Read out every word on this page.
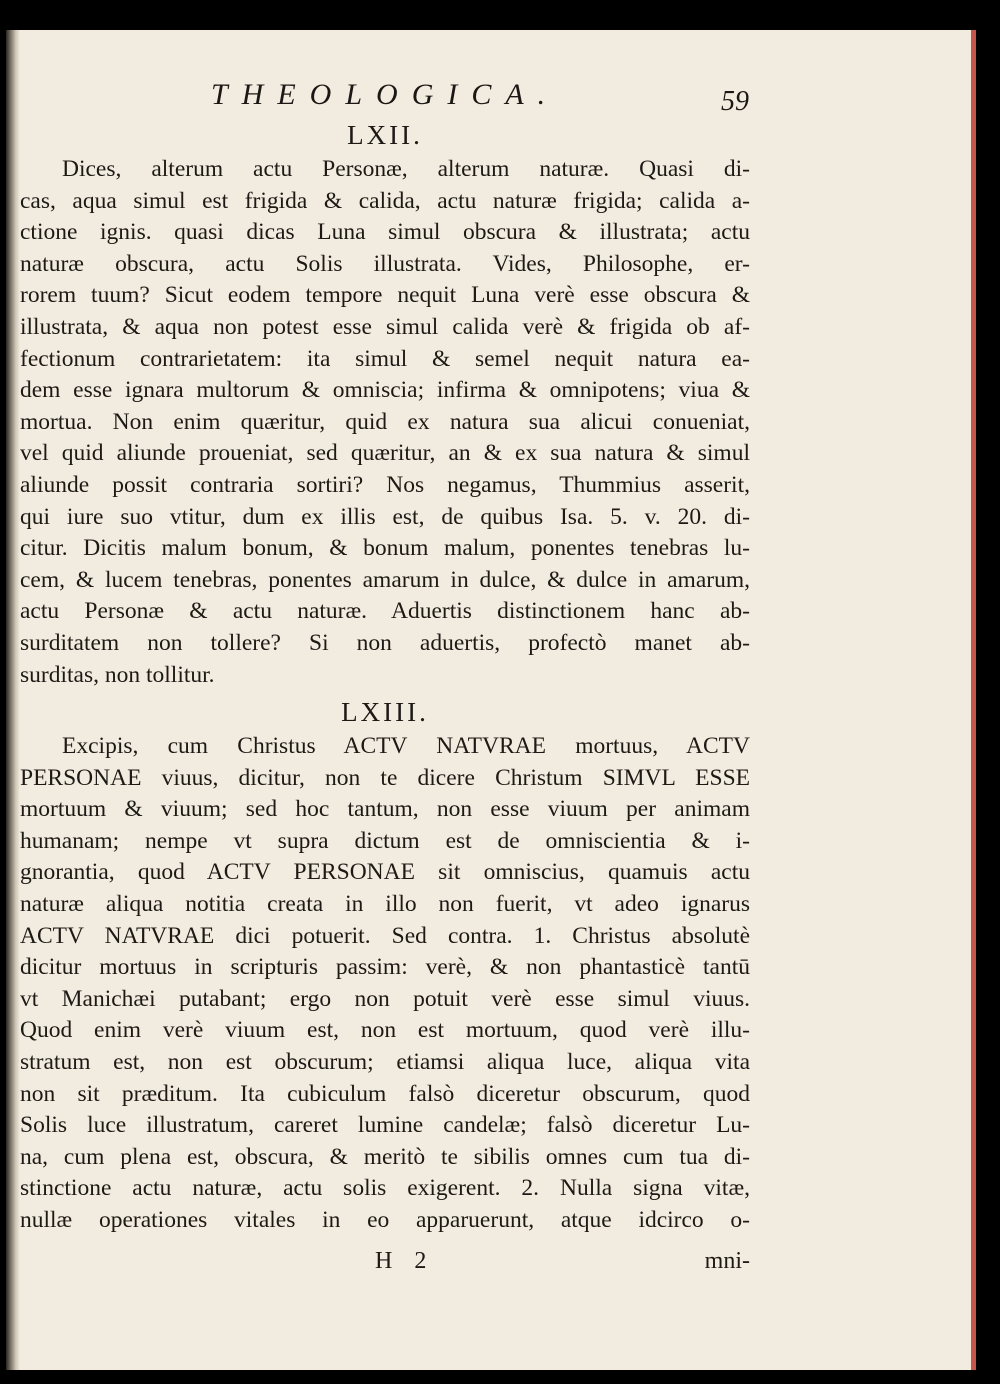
THEOLOGICA.	59
LXII.
Dices, alterum actu Personæ, alterum naturæ. Quasi di-
cas, aqua simul est frigida & calida, actu naturæ frigida; calida a-
ctione ignis. quasi dicas Luna simul obscura & illustrata; actu
naturæ obscura, actu Solis illustrata. Vides, Philosophe, er-
rorem tuum? Sicut eodem tempore nequit Luna verè esse obscura &
illustrata, & aqua non potest esse simul calida verè & frigida ob af-
fectionum contrarietatem: ita simul & semel nequit natura ea-
dem esse ignara multorum & omniscia; infirma & omnipotens; viua &
mortua. Non enim quæritur, quid ex natura sua alicui conueniat,
vel quid aliunde proueniat, sed quæritur, an & ex sua natura & simul
aliunde possit contraria sortiri? Nos negamus, Thummius asserit,
qui iure suo vtitur, dum ex illis est, de quibus Isa. 5. v. 20. di-
citur. Dicitis malum bonum, & bonum malum, ponentes tenebras lu-
cem, & lucem tenebras, ponentes amarum in dulce, & dulce in amarum,
actu Personæ & actu naturæ. Aduertis distinctionem hanc ab-
surditatem non tollere? Si non aduertis, profectò manet ab-
surditas, non tollitur.
LXIII.
Excipis, cum Christus ACTV NATVRAE mortuus, ACTV
PERSONAE viuus, dicitur, non te dicere Christum SIMVL ESSE
mortuum & viuum; sed hoc tantum, non esse viuum per animam
humanam; nempe vt supra dictum est de omniscientia & i-
gnorantia, quod ACTV PERSONAE sit omniscius, quamuis actu
naturæ aliqua notitia creata in illo non fuerit, vt adeo ignarus
ACTV NATVRAE dici potuerit. Sed contra. 1. Christus absolutè
dicitur mortuus in scripturis passim: verè, & non phantasticè tantū
vt Manichæi putabant; ergo non potuit verè esse simul viuus.
Quod enim verè viuum est, non est mortuum, quod verè illu-
stratum est, non est obscurum; etiamsi aliqua luce, aliqua vita
non sit præditum. Ita cubiculum falsò diceretur obscurum, quod
Solis luce illustratum, careret lumine candelæ; falsò diceretur Lu-
na, cum plena est, obscura, & meritò te sibilis omnes cum tua di-
stinctione actu naturæ, actu solis exigerent. 2. Nulla signa vitæ,
nullæ operationes vitales in eo apparuerunt, atque idcirco o-
H 2	mni-
